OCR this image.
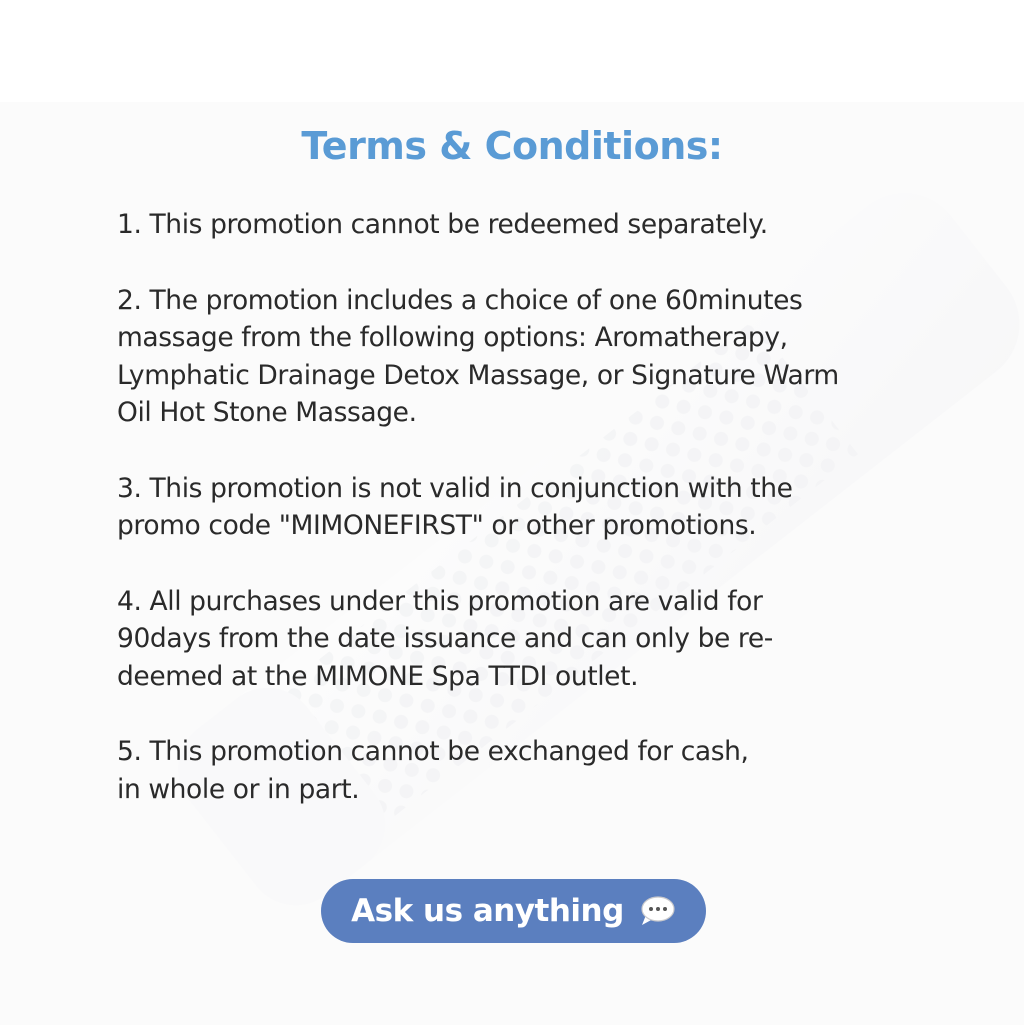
Terms & Conditions:
1. This promotion cannot be redeemed separately.
2. The promotion includes a choice of one 60minutes
massage from the following options: Aromatherapy,
Lymphatic Drainage Detox Massage, or Signature Warm
Oil Hot Stone Massage.
3. This promotion is not valid in conjunction with the
promo code "MIMONEFIRST" or other promotions.
4. All purchases under this promotion are valid for
90days from the date issuance and can only be re-
deemed at the MIMONE Spa TTDI outlet.
5. This promotion cannot be exchanged for cash,
in whole or in part.
Ask us anything
